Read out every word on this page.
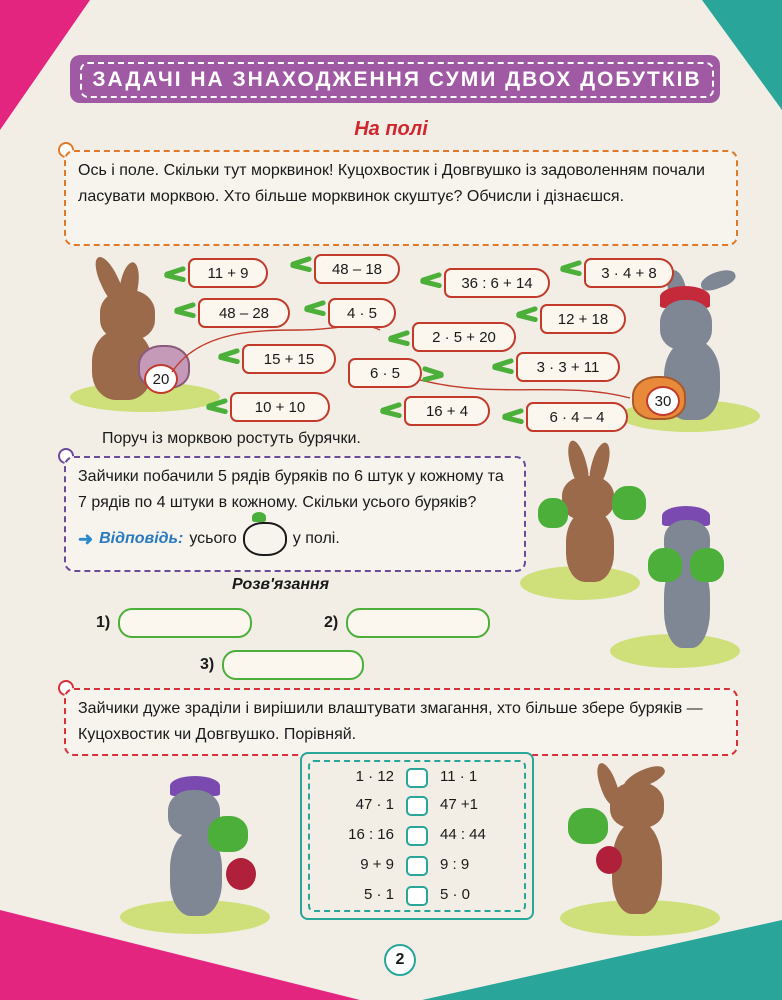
ЗАДАЧІ НА ЗНАХОДЖЕННЯ СУМИ ДВОХ ДОБУТКІВ
На полі
Ось і поле. Скільки тут морквинок! Куцохвостик і Довгвушко із задоволенням почали ласувати морквою. Хто більше морквинок скуштує? Обчисли і дізнаєшся.
20
30
11 + 9	48 – 18
36 : 6 + 14
3 · 4 + 8
48 – 28	4 · 5	12 + 18
2 · 5 + 20
15 + 15
6 · 5	3 · 3 + 11
10 + 10	16 + 4	6 · 4 – 4
Поруч із морквою ростуть бурячки.
Зайчики побачили 5 рядів буряків по 6 штук у кожному та 7 рядів по 4 штуки в кожному. Скільки усього буряків?
➜ Відповідь: усього	у полі.
Розв'язання
1)	2)
3)
Зайчики дуже зраділи і вирішили влаштувати змагання, хто більше збере буряків — Куцохвостик чи Довгвушко. Порівняй.
1 · 12	11 · 1
47 · 1	47 +1
16 : 16	44 : 44
9 + 9	9 : 9
5 · 1	5 · 0
2
